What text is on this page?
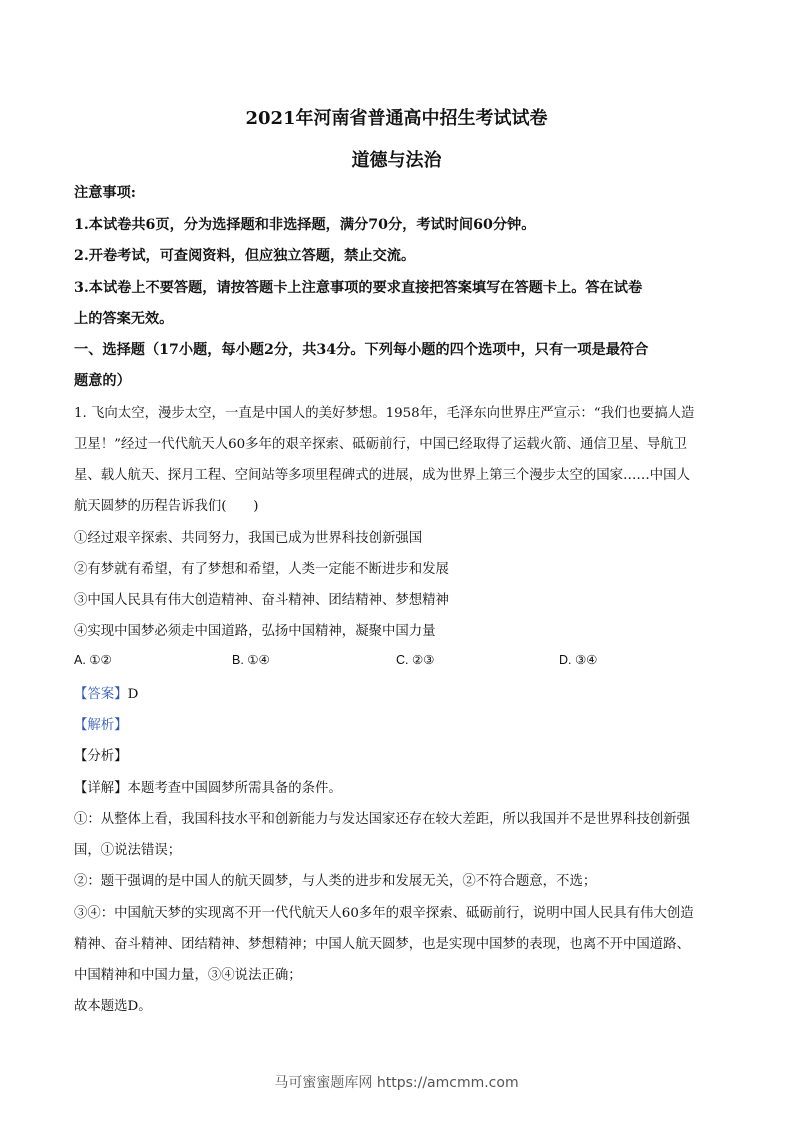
2021年河南省普通高中招生考试试卷
道德与法治
注意事项:
1.本试卷共6页，分为选择题和非选择题，满分70分，考试时间60分钟。
2.开卷考试，可查阅资料，但应独立答题，禁止交流。
3.本试卷上不要答题，请按答题卡上注意事项的要求直接把答案填写在答题卡上。答在试卷
上的答案无效。
一、选择题（17小题，每小题2分，共34分。下列每小题的四个选项中，只有一项是最符合
题意的）
1. 飞向太空，漫步太空，一直是中国人的美好梦想。1958年，毛泽东向世界庄严宣示：“我们也要搞人造
卫星！”经过一代代航天人60多年的艰辛探索、砥砺前行，中国已经取得了运载火箭、通信卫星、导航卫
星、载人航天、探月工程、空间站等多项里程碑式的进展，成为世界上第三个漫步太空的国家……中国人
航天圆梦的历程告诉我们(　　)
①经过艰辛探索、共同努力，我国已成为世界科技创新强国
②有梦就有希望，有了梦想和希望，人类一定能不断进步和发展
③中国人民具有伟大创造精神、奋斗精神、团结精神、梦想精神
④实现中国梦必须走中国道路，弘扬中国精神，凝聚中国力量
A. ①②	B. ①④	C. ②③	D. ③④
【答案】D
【解析】
【分析】
【详解】本题考查中国圆梦所需具备的条件。
①：从整体上看，我国科技水平和创新能力与发达国家还存在较大差距，所以我国并不是世界科技创新强
国，①说法错误；
②：题干强调的是中国人的航天圆梦，与人类的进步和发展无关，②不符合题意，不选；
③④：中国航天梦的实现离不开一代代航天人60多年的艰辛探索、砥砺前行，说明中国人民具有伟大创造
精神、奋斗精神、团结精神、梦想精神；中国人航天圆梦，也是实现中国梦的表现，也离不开中国道路、
中国精神和中国力量，③④说法正确；
故本题选D。
马可蜜蜜题库网 https://amcmm.com
